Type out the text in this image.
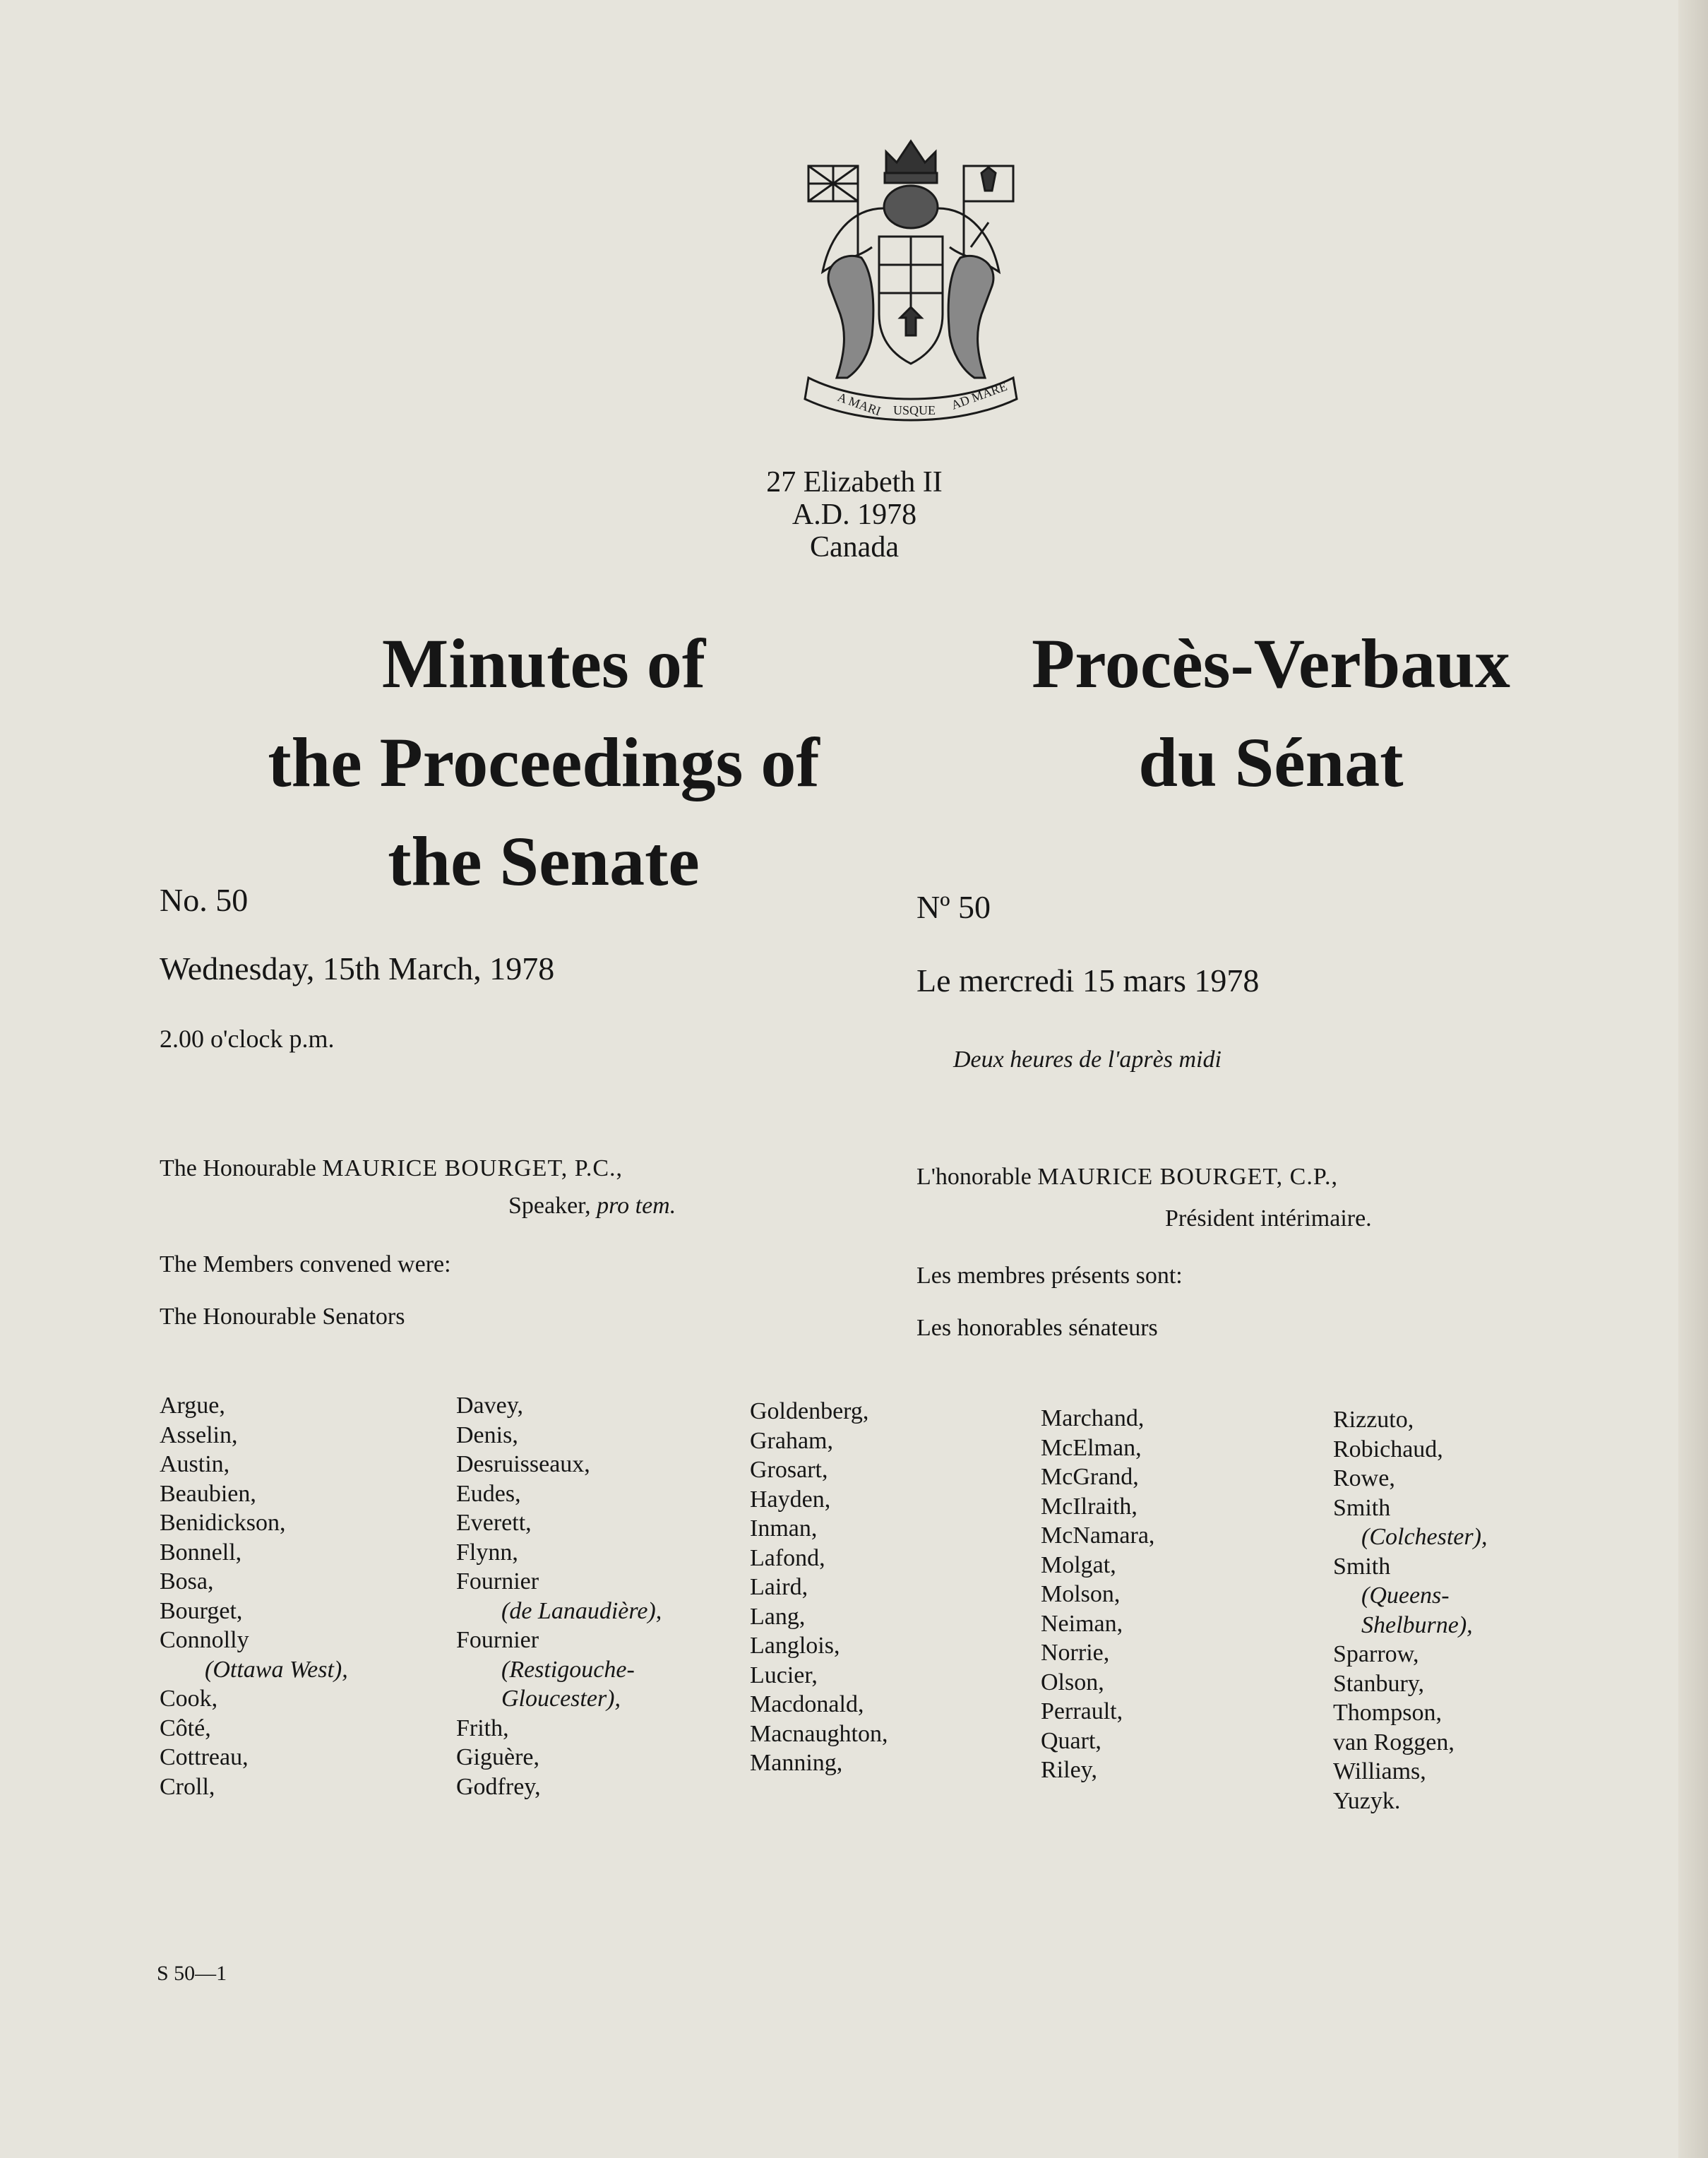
A MARI USQUE AD MARE
27 Elizabeth II
A.D. 1978
Canada
Minutes of
the Proceedings of
the Senate
Procès-Verbaux
du Sénat
No. 50
Wednesday, 15th March, 1978
2.00 o'clock p.m.
Nº 50
Le mercredi 15 mars 1978
Deux heures de l'après midi
The Honourable MAURICE BOURGET, P.C.,
Speaker, pro tem.
L'honorable MAURICE BOURGET, C.P.,
Président intérimaire.
The Members convened were:
The Honourable Senators
Les membres présents sont:
Les honorables sénateurs
Argue,
Asselin,
Austin,
Beaubien,
Benidickson,
Bonnell,
Bosa,
Bourget,
Connolly
(Ottawa West),
Cook,
Côté,
Cottreau,
Croll,
Davey,
Denis,
Desruisseaux,
Eudes,
Everett,
Flynn,
Fournier
(de Lanaudière),
Fournier
(Restigouche-
Gloucester),
Frith,
Giguère,
Godfrey,
Goldenberg,
Graham,
Grosart,
Hayden,
Inman,
Lafond,
Laird,
Lang,
Langlois,
Lucier,
Macdonald,
Macnaughton,
Manning,
Marchand,
McElman,
McGrand,
McIlraith,
McNamara,
Molgat,
Molson,
Neiman,
Norrie,
Olson,
Perrault,
Quart,
Riley,
Rizzuto,
Robichaud,
Rowe,
Smith
(Colchester),
Smith
(Queens-
Shelburne),
Sparrow,
Stanbury,
Thompson,
van Roggen,
Williams,
Yuzyk.
S 50—1
